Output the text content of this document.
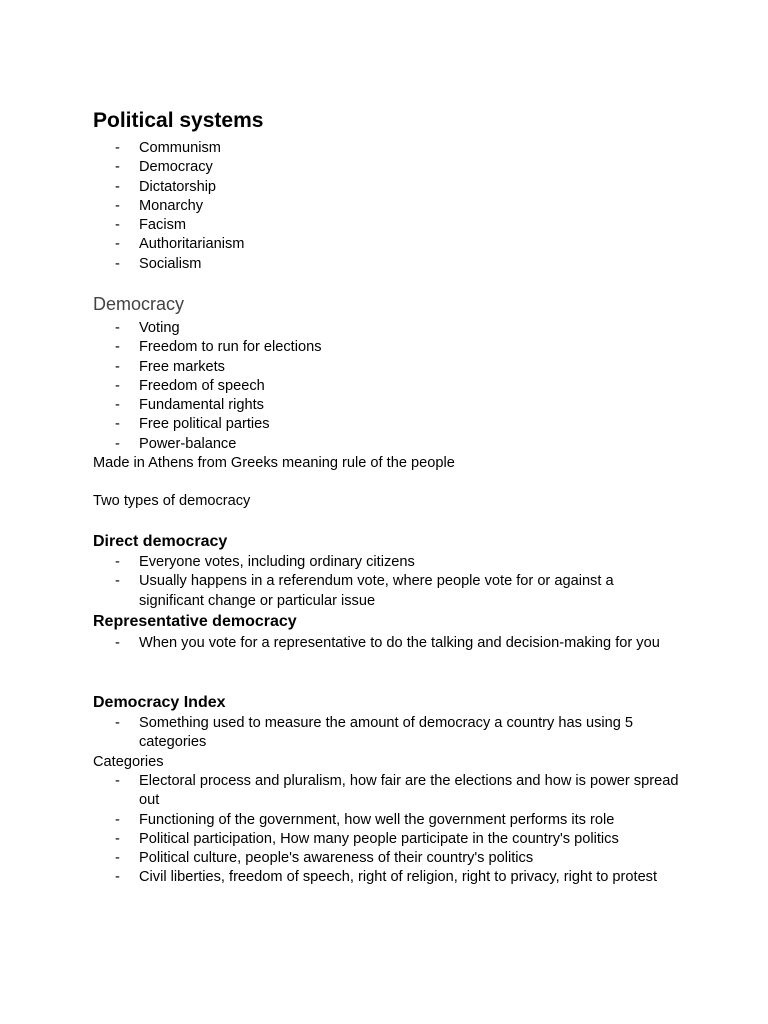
Political systems
- Communism
- Democracy
- Dictatorship
- Monarchy
- Facism
- Authoritarianism
- Socialism
Democracy
- Voting
- Freedom to run for elections
- Free markets
- Freedom of speech
- Fundamental rights
- Free political parties
- Power-balance

Made in Athens from Greeks meaning rule of the people

Two types of democracy

Direct democracy
- Everyone votes, including ordinary citizens
- Usually happens in a referendum vote, where people vote for or against a significant change or particular issue
Representative democracy
- When you vote for a representative to do the talking and decision-making for you
Democracy Index
- Something used to measure the amount of democracy a country has using 5 categories

Categories

- Electoral process and pluralism, how fair are the elections and how is power spread out
- Functioning of the government, how well the government performs its role
- Political participation, How many people participate in the country's politics
- Political culture, people's awareness of their country's politics
- Civil liberties, freedom of speech, right of religion, right to privacy, right to protest
